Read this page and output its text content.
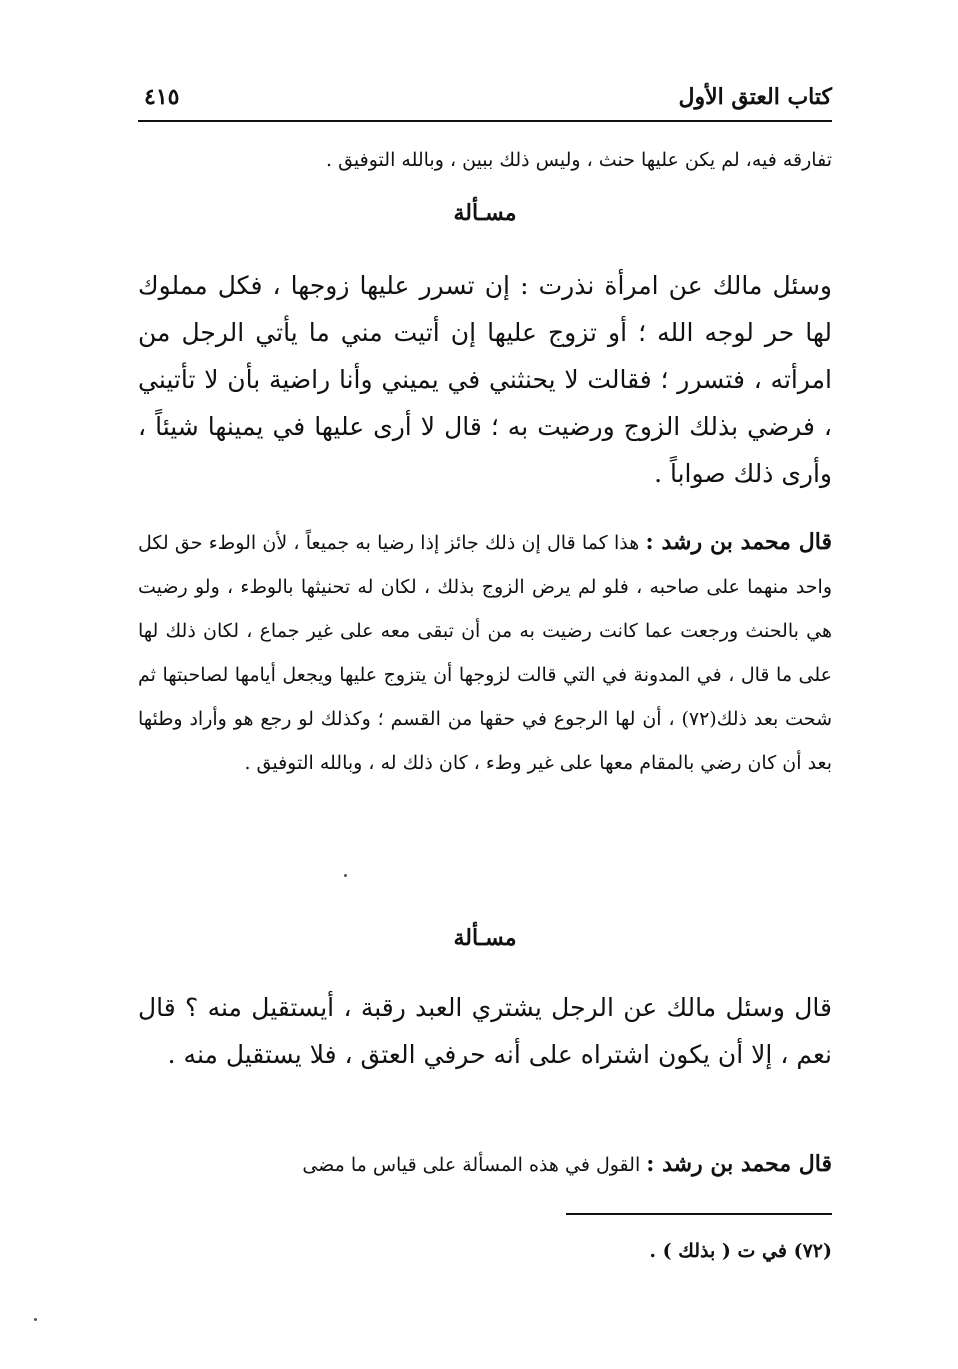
كتاب العتق الأول
٤١٥
تفارقه فيه، لم يكن عليها حنث ، وليس ذلك ببين ، وبالله التوفيق .
مسـألة
وسئل مالك عن امرأة نذرت : إن تسرر عليها زوجها ، فكل مملوك لها حر لوجه الله ؛ أو تزوج عليها إن أتيت مني ما يأتي الرجل من امرأته ، فتسرر ؛ فقالت لا يحنثني في يميني وأنا راضية بأن لا تأتيني ، فرضي بذلك الزوج ورضيت به ؛ قال لا أرى عليها في يمينها شيئاً ، وأرى ذلك صواباً .
قال محمد بن رشد : هذا كما قال إن ذلك جائز إذا رضيا به جميعاً ، لأن الوطء حق لكل واحد منهما على صاحبه ، فلو لم يرض الزوج بذلك ، لكان له تحنيثها بالوطء ، ولو رضيت هي بالحنث ورجعت عما كانت رضيت به من أن تبقى معه على غير جماع ، لكان ذلك لها على ما قال ، في المدونة في التي قالت لزوجها أن يتزوج عليها ويجعل أيامها لصاحبتها ثم شحت بعد ذلك(٧٢) ، أن لها الرجوع في حقها من القسم ؛ وكذلك لو رجع هو وأراد وطئها بعد أن كان رضي بالمقام معها على غير وطء ، كان ذلك له ، وبالله التوفيق .
مسـألة
قال وسئل مالك عن الرجل يشتري العبد رقبة ، أيستقيل منه ؟ قال نعم ، إلا أن يكون اشتراه على أنه حرفي العتق ، فلا يستقيل منه .
قال محمد بن رشد : القول في هذه المسألة على قياس ما مضى
(٧٢) في ت ( بذلك ) .
